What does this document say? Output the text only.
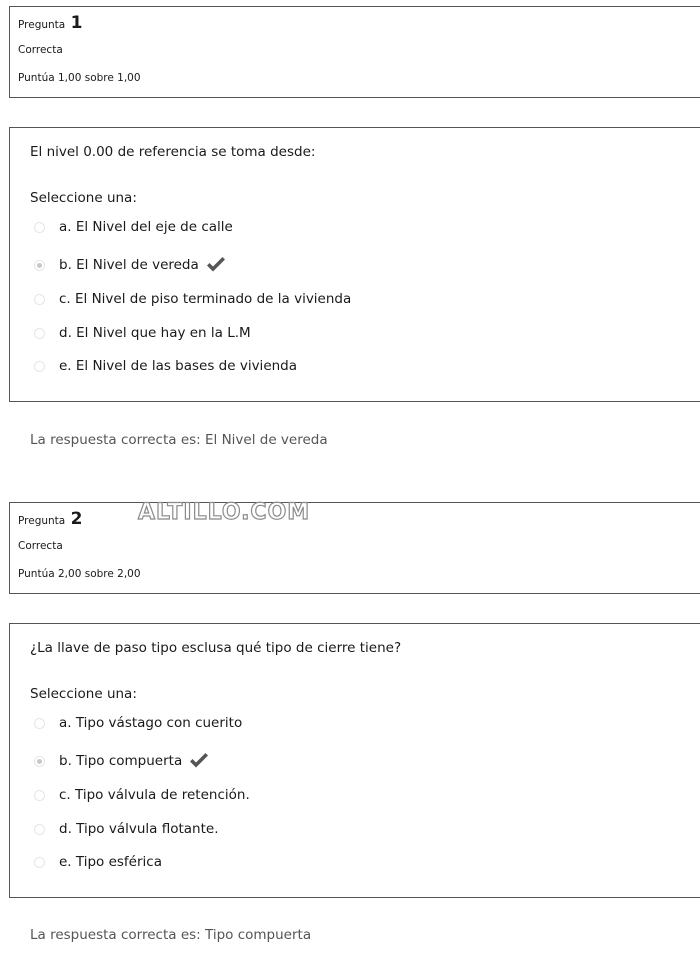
Pregunta 1
Correcta
Puntúa 1,00 sobre 1,00
El nivel 0.00 de referencia se toma desde:
Seleccione una:
a. El Nivel del eje de calle
b. El Nivel de vereda
c. El Nivel de piso terminado de la vivienda
d. El Nivel que hay en la L.M
e. El Nivel de las bases de vivienda
La respuesta correcta es: El Nivel de vereda
Pregunta 2
Correcta
Puntúa 2,00 sobre 2,00
ALTILLO.COM
¿La llave de paso tipo esclusa qué tipo de cierre tiene?
Seleccione una:
a. Tipo vástago con cuerito
b. Tipo compuerta
c. Tipo válvula de retención.
d. Tipo válvula flotante.
e. Tipo esférica
La respuesta correcta es: Tipo compuerta
